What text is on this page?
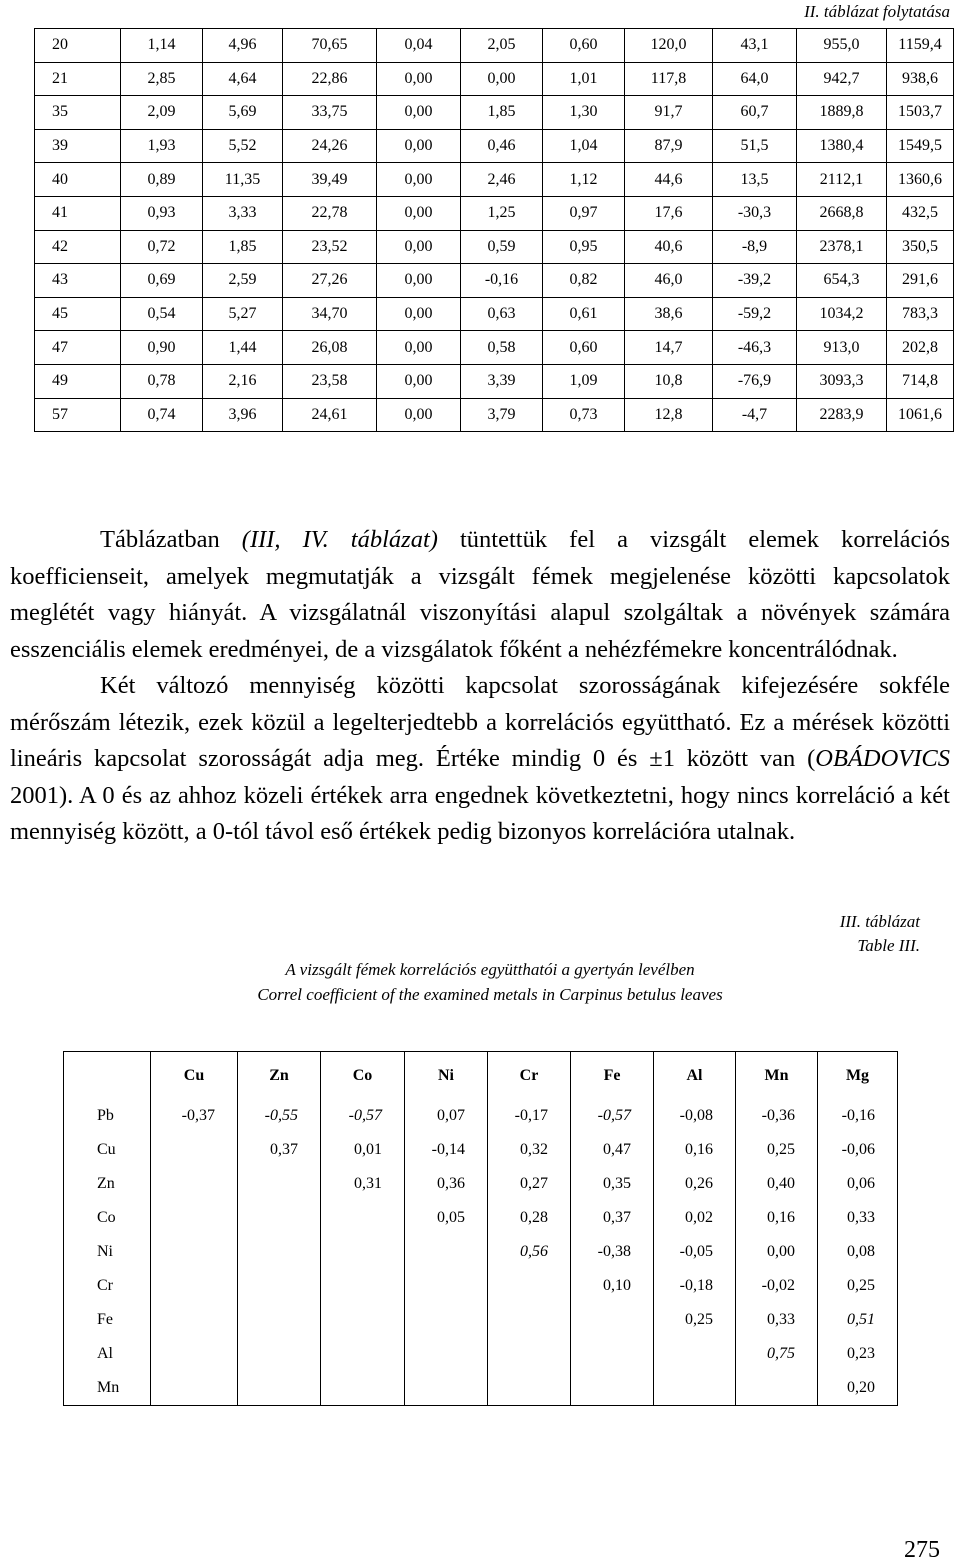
II. táblázat folytatása
20	1,14	4,96	70,65	0,04	2,05	0,60	120,0	43,1	955,0	1159,4
21	2,85	4,64	22,86	0,00	0,00	1,01	117,8	64,0	942,7	938,6
35	2,09	5,69	33,75	0,00	1,85	1,30	91,7	60,7	1889,8	1503,7
39	1,93	5,52	24,26	0,00	0,46	1,04	87,9	51,5	1380,4	1549,5
40	0,89	11,35	39,49	0,00	2,46	1,12	44,6	13,5	2112,1	1360,6
41	0,93	3,33	22,78	0,00	1,25	0,97	17,6	-30,3	2668,8	432,5
42	0,72	1,85	23,52	0,00	0,59	0,95	40,6	-8,9	2378,1	350,5
43	0,69	2,59	27,26	0,00	-0,16	0,82	46,0	-39,2	654,3	291,6
45	0,54	5,27	34,70	0,00	0,63	0,61	38,6	-59,2	1034,2	783,3
47	0,90	1,44	26,08	0,00	0,58	0,60	14,7	-46,3	913,0	202,8
49	0,78	2,16	23,58	0,00	3,39	1,09	10,8	-76,9	3093,3	714,8
57	0,74	3,96	24,61	0,00	3,79	0,73	12,8	-4,7	2283,9	1061,6

Táblázatban (III, IV. táblázat) tüntettük fel a vizsgált elemek korrelációs koefficienseit, amelyek megmutatják a vizsgált fémek megjelenése közötti kapcsolatok meglétét vagy hiányát. A vizsgálatnál viszonyítási alapul szolgáltak a növények számára esszenciális elemek eredményei, de a vizsgálatok főként a nehézfémekre koncentrálódnak.

Két változó mennyiség közötti kapcsolat szorosságának kifejezésére sokféle mérőszám létezik, ezek közül a legelterjedtebb a korrelációs együttható. Ez a mérések közötti lineáris kapcsolat szorosságát adja meg. Értéke mindig 0 és ±1 között van (OBÁDOVICS 2001). A 0 és az ahhoz közeli értékek arra engednek következtetni, hogy nincs korreláció a két mennyiség között, a 0-tól távol eső értékek pedig bizonyos korrelációra utalnak.

III. táblázat
Table III.
A vizsgált fémek korrelációs együtthatói a gyertyán levélben
Correl coefficient of the examined metals in Carpinus betulus leaves
	Cu	Zn	Co	Ni	Cr	Fe	Al	Mn	Mg
Pb	-0,37	-0,55	-0,57	0,07	-0,17	-0,57	-0,08	-0,36	-0,16
Cu		0,37	0,01	-0,14	0,32	0,47	0,16	0,25	-0,06
Zn			0,31	0,36	0,27	0,35	0,26	0,40	0,06
Co				0,05	0,28	0,37	0,02	0,16	0,33
Ni					0,56	-0,38	-0,05	0,00	0,08
Cr						0,10	-0,18	-0,02	0,25
Fe							0,25	0,33	0,51
Al								0,75	0,23
Mn									0,20
275
